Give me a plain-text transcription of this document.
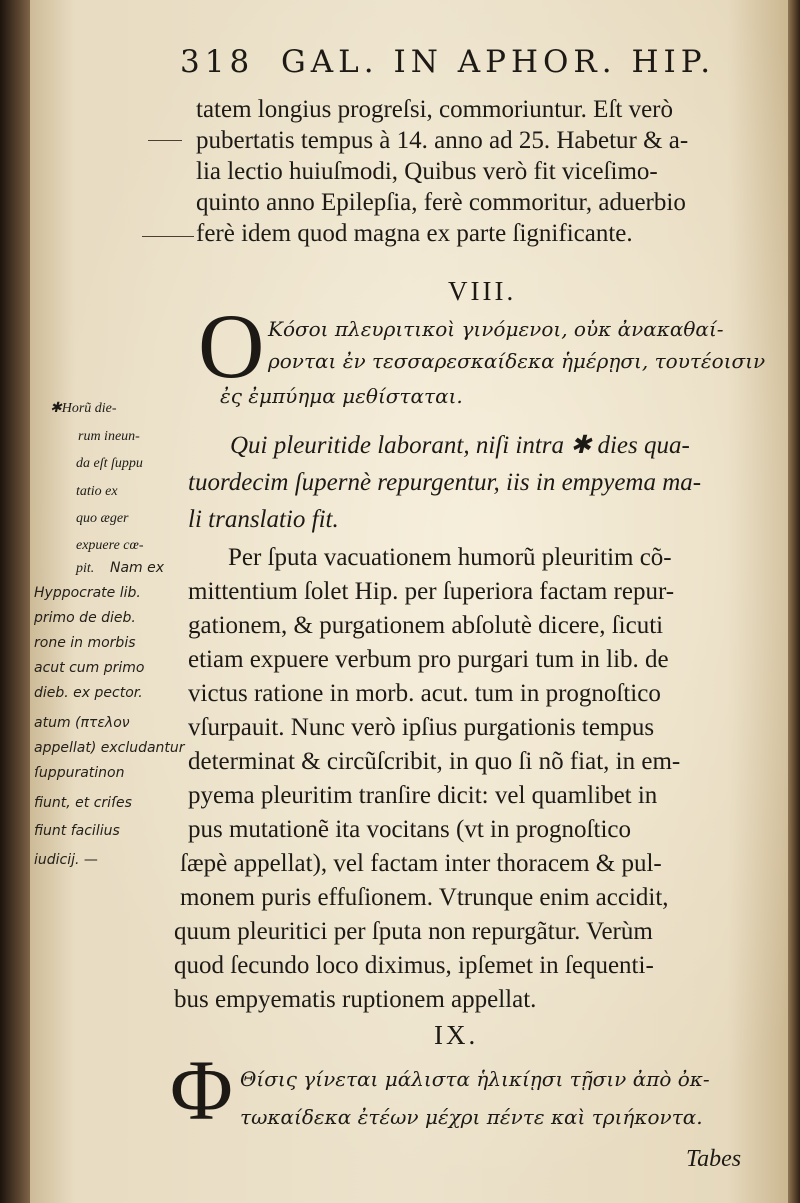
318 GAL. IN APHOR. HIP.
tatem longius progreſsi, commoriuntur. Eſt verò
pubertatis tempus à 14. anno ad 25. Habetur & a-
lia lectio huiuſmodi, Quibus verò fit viceſimo-
quinto anno Epilepſia, ferè commoritur, aduerbio
ferè idem quod magna ex parte ſignificante.
VIII.
O Κόσοι πλευριτικοὶ γινόμενοι, οὐκ ἀνακαθαί-
ρονται ἐν τεσσαρεσκαίδεκα ἡμέρῃσι, τουτέοισιν
ἐς ἐμπύημα μεθίσταται.
Qui pleuritide laborant, niſi intra ✱ dies qua-
tuordecim ſupernè repurgentur, iis in empyema ma-
li translatio fit.
✱Horũ die-
rum ineun-
da eſt ſuppu
tatio ex
quo æger
expuere cœ-
pit.	Per ſputa vacuationem humorũ pleuritim cõ-
mittentium ſolet Hip. per ſuperiora factam repur-
gationem, & purgationem abſolutè dicere, ſicuti
etiam expuere verbum pro purgari tum in lib. de
victus ratione in morb. acut. tum in prognoſtico
vſurpauit. Nunc verò ipſius purgationis tempus
determinat & circũſcribit, in quo ſi nõ fiat, in em-
pyema pleuritim tranſire dicit: vel quamlibet in
pus mutationẽ ita vocitans (vt in prognoſtico
ſæpè appellat), vel factam inter thoracem & pul-
monem puris effuſionem. Vtrunque enim accidit,
quum pleuritici per ſputa non repurgãtur. Verùm
quod ſecundo loco diximus, ipſemet in ſequenti-
bus empyematis ruptionem appellat.
Nam ex
Hyppocrate lib.
primo de dieb.
rone in morbis
acut cum primo
dieb. ex pector.
atum (πτελον
appellat) excludantur
ſuppuratinon
fiunt, et criſes
fiunt facilius
iudicij. —
IX.
Φ Θίσις γίνεται μάλιστα ἡλικίῃσι τῇσιν ἀπὸ ὀκ-
τωκαίδεκα ἐτέων μέχρι πέντε καὶ τριήκοντα.
Tabes
